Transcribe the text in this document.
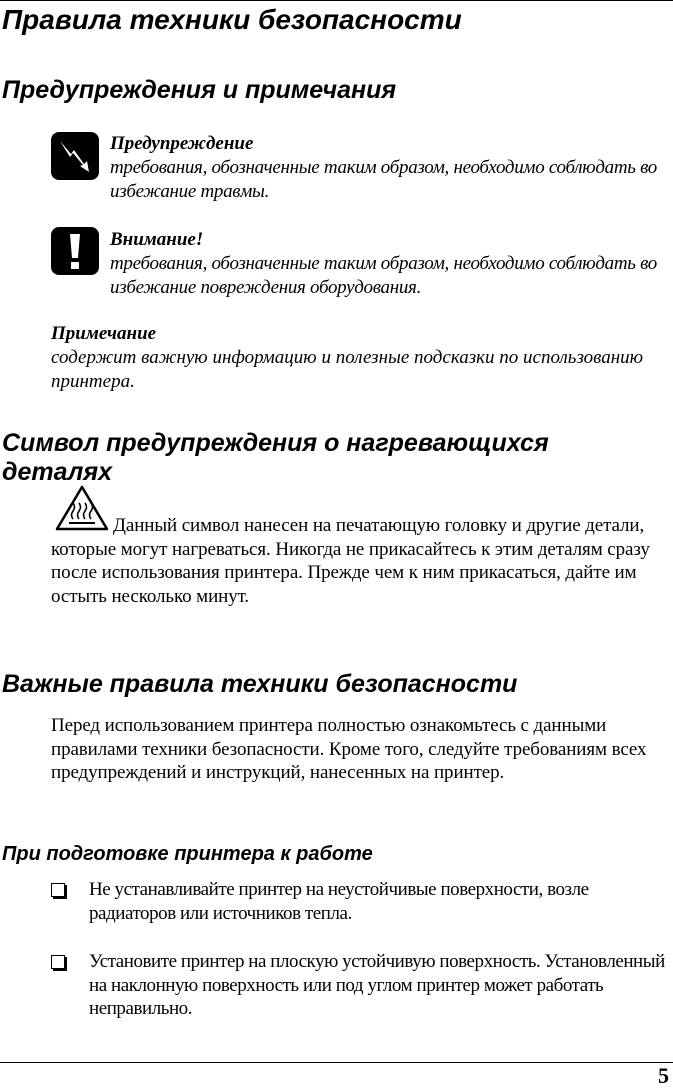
Правила техники безопасности
Предупреждения и примечания

Предупреждение

требования, обозначенные таким образом, необходимо соблюдать во избежание травмы.

Внимание!

требования, обозначенные таким образом, необходимо соблюдать во избежание повреждения оборудования.

Примечание

содержит важную информацию и полезные подсказки по использованию принтера.

Символ предупреждения о нагревающихся
деталях

Данный символ нанесен на печатающую головку и другие детали, которые могут нагреваться. Никогда не прикасайтесь к этим деталям сразу после использования принтера. Прежде чем к ним прикасаться, дайте им остыть несколько минут.

Важные правила техники безопасности

Перед использованием принтера полностью ознакомьтесь с данными правилами техники безопасности. Кроме того, следуйте требованиям всех предупреждений и инструкций, нанесенных на принтер.

При подготовке принтера к работе

Не устанавливайте принтер на неустойчивые поверхности, возле радиаторов или источников тепла.

Установите принтер на плоскую устойчивую поверхность. Установленный на наклонную поверхность или под углом принтер может работать неправильно.

5
